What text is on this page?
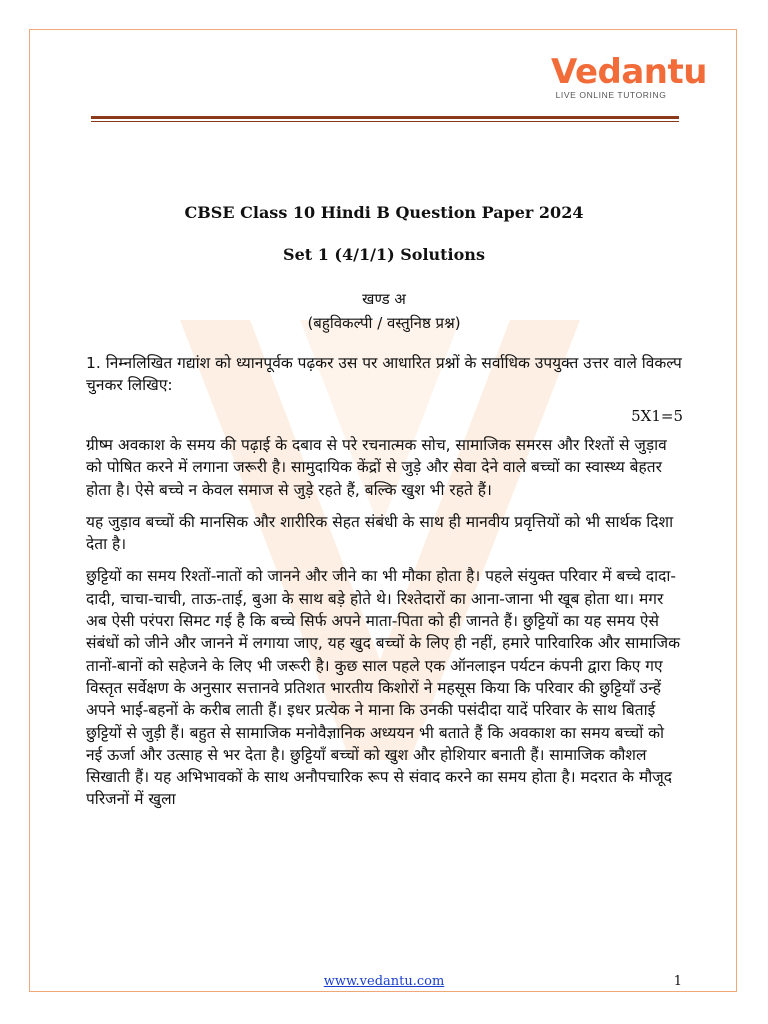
Vedantu
LIVE ONLINE TUTORING
CBSE Class 10 Hindi B Question Paper 2024
Set 1 (4/1/1) Solutions
खण्ड अ
(बहुविकल्पी / वस्तुनिष्ठ प्रश्न)
1. निम्नलिखित गद्यांश को ध्यानपूर्वक पढ़कर उस पर आधारित प्रश्नों के सर्वाधिक उपयुक्त उत्तर वाले विकल्प चुनकर लिखिए:
5X1=5

ग्रीष्म अवकाश के समय की पढ़ाई के दबाव से परे रचनात्मक सोच, सामाजिक समरस और रिश्तों से जुड़ाव को पोषित करने में लगाना जरूरी है। सामुदायिक केंद्रों से जुड़े और सेवा देने वाले बच्चों का स्वास्थ्य बेहतर होता है। ऐसे बच्चे न केवल समाज से जुड़े रहते हैं, बल्कि खुश भी रहते हैं।

यह जुड़ाव बच्चों की मानसिक और शारीरिक सेहत संबंधी के साथ ही मानवीय प्रवृत्तियों को भी सार्थक दिशा देता है।

छुट्टियों का समय रिश्तों-नातों को जानने और जीने का भी मौका होता है। पहले संयुक्त परिवार में बच्चे दादा-दादी, चाचा-चाची, ताऊ-ताई, बुआ के साथ बड़े होते थे। रिश्तेदारों का आना-जाना भी खूब होता था। मगर अब ऐसी परंपरा सिमट गई है कि बच्चे सिर्फ अपने माता-पिता को ही जानते हैं। छुट्टियों का यह समय ऐसे संबंधों को जीने और जानने में लगाया जाए, यह खुद बच्चों के लिए ही नहीं, हमारे पारिवारिक और सामाजिक तानों-बानों को सहेजने के लिए भी जरूरी है। कुछ साल पहले एक ऑनलाइन पर्यटन कंपनी द्वारा किए गए विस्तृत सर्वेक्षण के अनुसार सत्तानवे प्रतिशत भारतीय किशोरों ने महसूस किया कि परिवार की छुट्टियाँ उन्हें अपने भाई-बहनों के करीब लाती हैं। इधर प्रत्येक ने माना कि उनकी पसंदीदा यादें परिवार के साथ बिताई छुट्टियों से जुड़ी हैं। बहुत से सामाजिक मनोवैज्ञानिक अध्ययन भी बताते हैं कि अवकाश का समय बच्चों को नई ऊर्जा और उत्साह से भर देता है। छुट्टियाँ बच्चों को खुश और होशियार बनाती हैं। सामाजिक कौशल सिखाती हैं। यह अभिभावकों के साथ अनौपचारिक रूप से संवाद करने का समय होता है। मदरात के मौजूद परिजनों में खुला

www.vedantu.com	1
